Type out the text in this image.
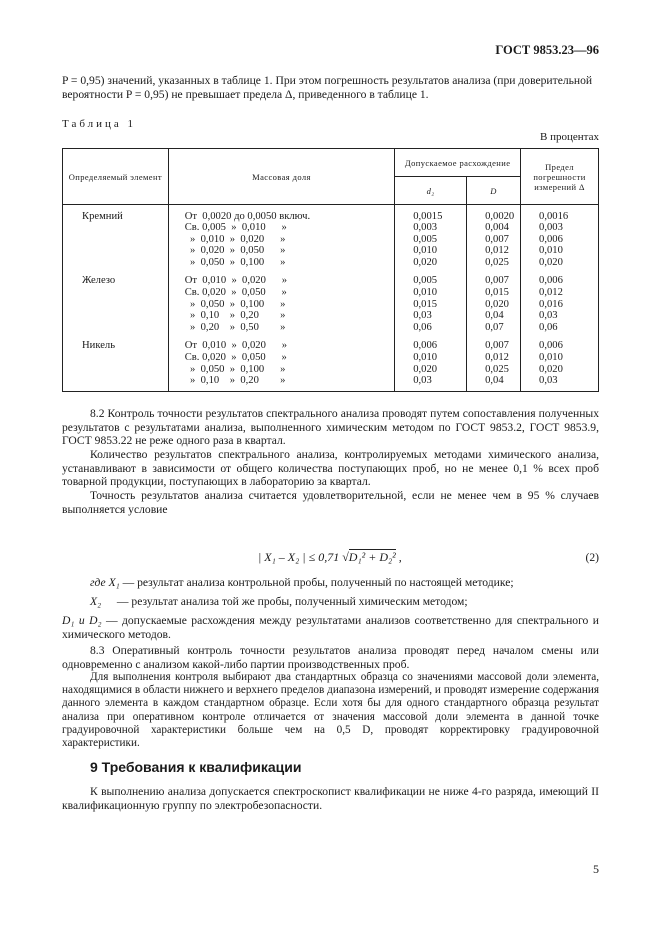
ГОСТ 9853.23—96
P = 0,95) значений, указанных в таблице 1. При этом погрешность результатов анализа (при доверительной вероятности P = 0,95) не превышает предела Δ, приведенного в таблице 1.
Таблица 1
В процентах
Определяемый элемент	Массовая доля	Допускаемое расхождение		Предел погрешности измерений Δ
		d₂	D	

Кремний	От  0,0020 до 0,0050 включ.	0,0015	0,0020	0,0016

	Св. 0,005  »  0,010      »	0,003	0,004	0,003

	»  0,010  »  0,020      »	0,005	0,007	0,006

	»  0,020  »  0,050      »	0,010	0,012	0,010

	»  0,050  »  0,100      »	0,020	0,025	0,020

Железо	От  0,010  »  0,020      »	0,005	0,007	0,006

	Св. 0,020  »  0,050      »	0,010	0,015	0,012

	»  0,050  »  0,100      »	0,015	0,020	0,016

	»  0,10    »  0,20        »	0,03	0,04	0,03

	»  0,20    »  0,50        »	0,06	0,07	0,06

Никель	От  0,010  »  0,020      »	0,006	0,007	0,006

	Св. 0,020  »  0,050      »	0,010	0,012	0,010

	»  0,050  »  0,100      »	0,020	0,025	0,020

	»  0,10    »  0,20        »	0,03	0,04	0,03

8.2 Контроль точности результатов спектрального анализа проводят путем сопоставления полученных результатов с результатами анализа, выполненного химическим методом по ГОСТ 9853.2, ГОСТ 9853.9, ГОСТ 9853.22 не реже одного раза в квартал.
Количество результатов спектрального анализа, контролируемых методами химического анализа, устанавливают в зависимости от общего количества поступающих проб, но не менее 0,1 % всех проб товарной продукции, поступающих в лабораторию за квартал.
Точность результатов анализа считается удовлетворительной, если не менее чем в 95 % случаев выполняется условие
| X₁ – X₂ | ≤ 0,71 √D₁² + D₂² ,	(2)
где X₁ — результат анализа контрольной пробы, полученный по настоящей методике;
X₂ — результат анализа той же пробы, полученный химическим методом;
D₁ и D₂ — допускаемые расхождения между результатами анализов соответственно для спектрального и химического методов.
8.3 Оперативный контроль точности результатов анализа проводят перед началом смены или одновременно с анализом какой-либо партии производственных проб.
Для выполнения контроля выбирают два стандартных образца со значениями массовой доли элемента, находящимися в области нижнего и верхнего пределов диапазона измерений, и проводят измерение содержания данного элемента в каждом стандартном образце. Если хотя бы для одного стандартного образца результат анализа при оперативном контроле отличается от значения массовой доли элемента в данной точке градуировочной характеристики больше чем на 0,5 D, проводят корректировку градуировочной характеристики.
9 Требования к квалификации
К выполнению анализа допускается спектроскопист квалификации не ниже 4-го разряда, имеющий II квалификационную группу по электробезопасности.
5
